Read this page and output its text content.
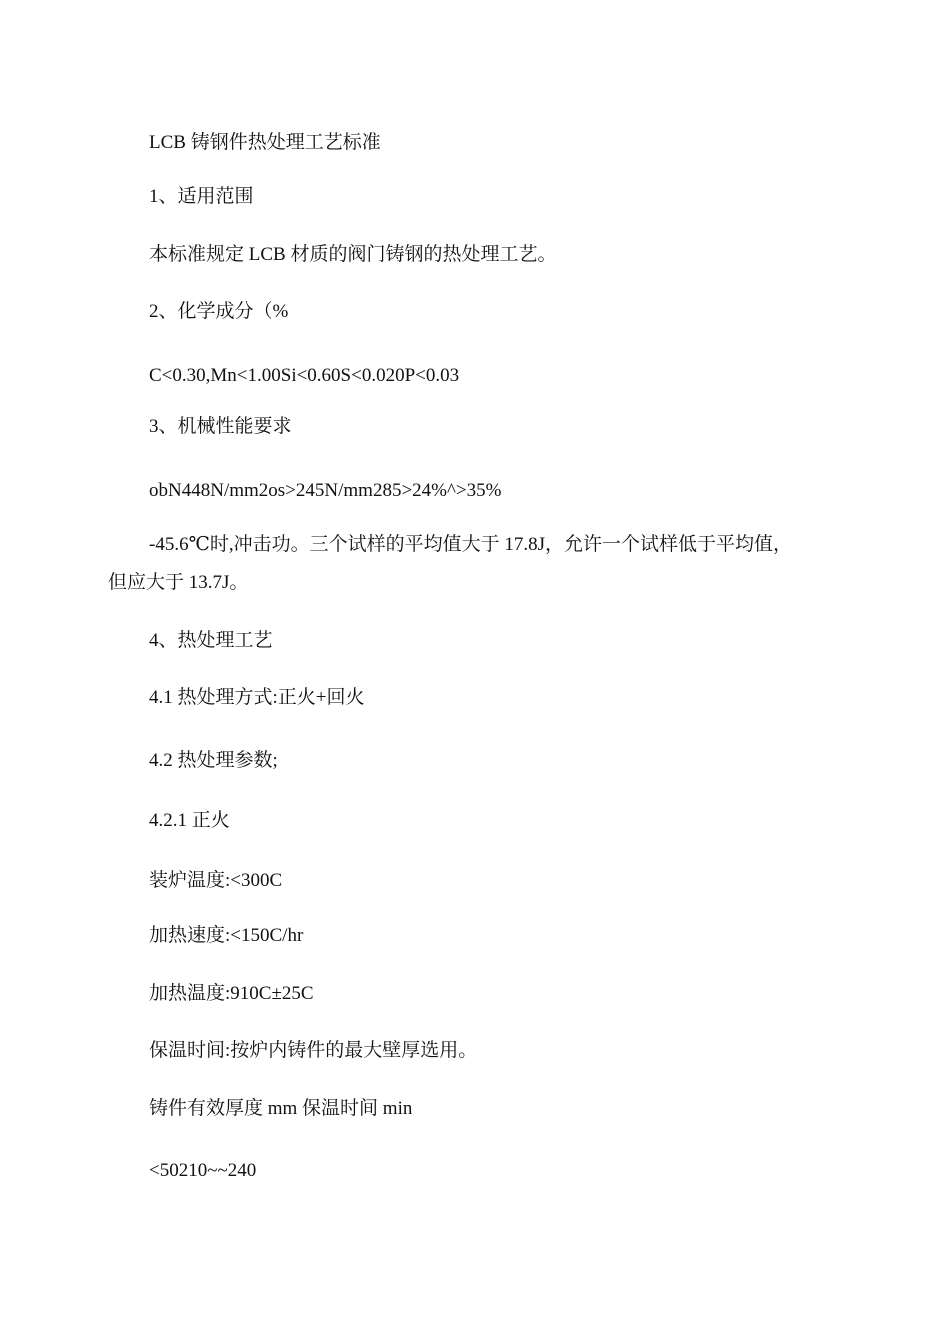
LCB 铸钢件热处理工艺标准
1、适用范围
本标准规定 LCB 材质的阀门铸钢的热处理工艺。
2、化学成分（%
C<0.30,Mn<1.00Si<0.60S<0.020P<0.03
3、机械性能要求
obN448N/mm2os>245N/mm285>24%^>35%
-45.6℃时,冲击功。三个试样的平均值大于 17.8J，允许一个试样低于平均值，
但应大于 13.7J。
4、热处理工艺
4.1 热处理方式:正火+回火
4.2 热处理参数;
4.2.1 正火
装炉温度:<300C
加热速度:<150C/hr
加热温度:910C±25C
保温时间:按炉内铸件的最大壁厚选用。
铸件有效厚度 mm 保温时间 min
<50210~~240
